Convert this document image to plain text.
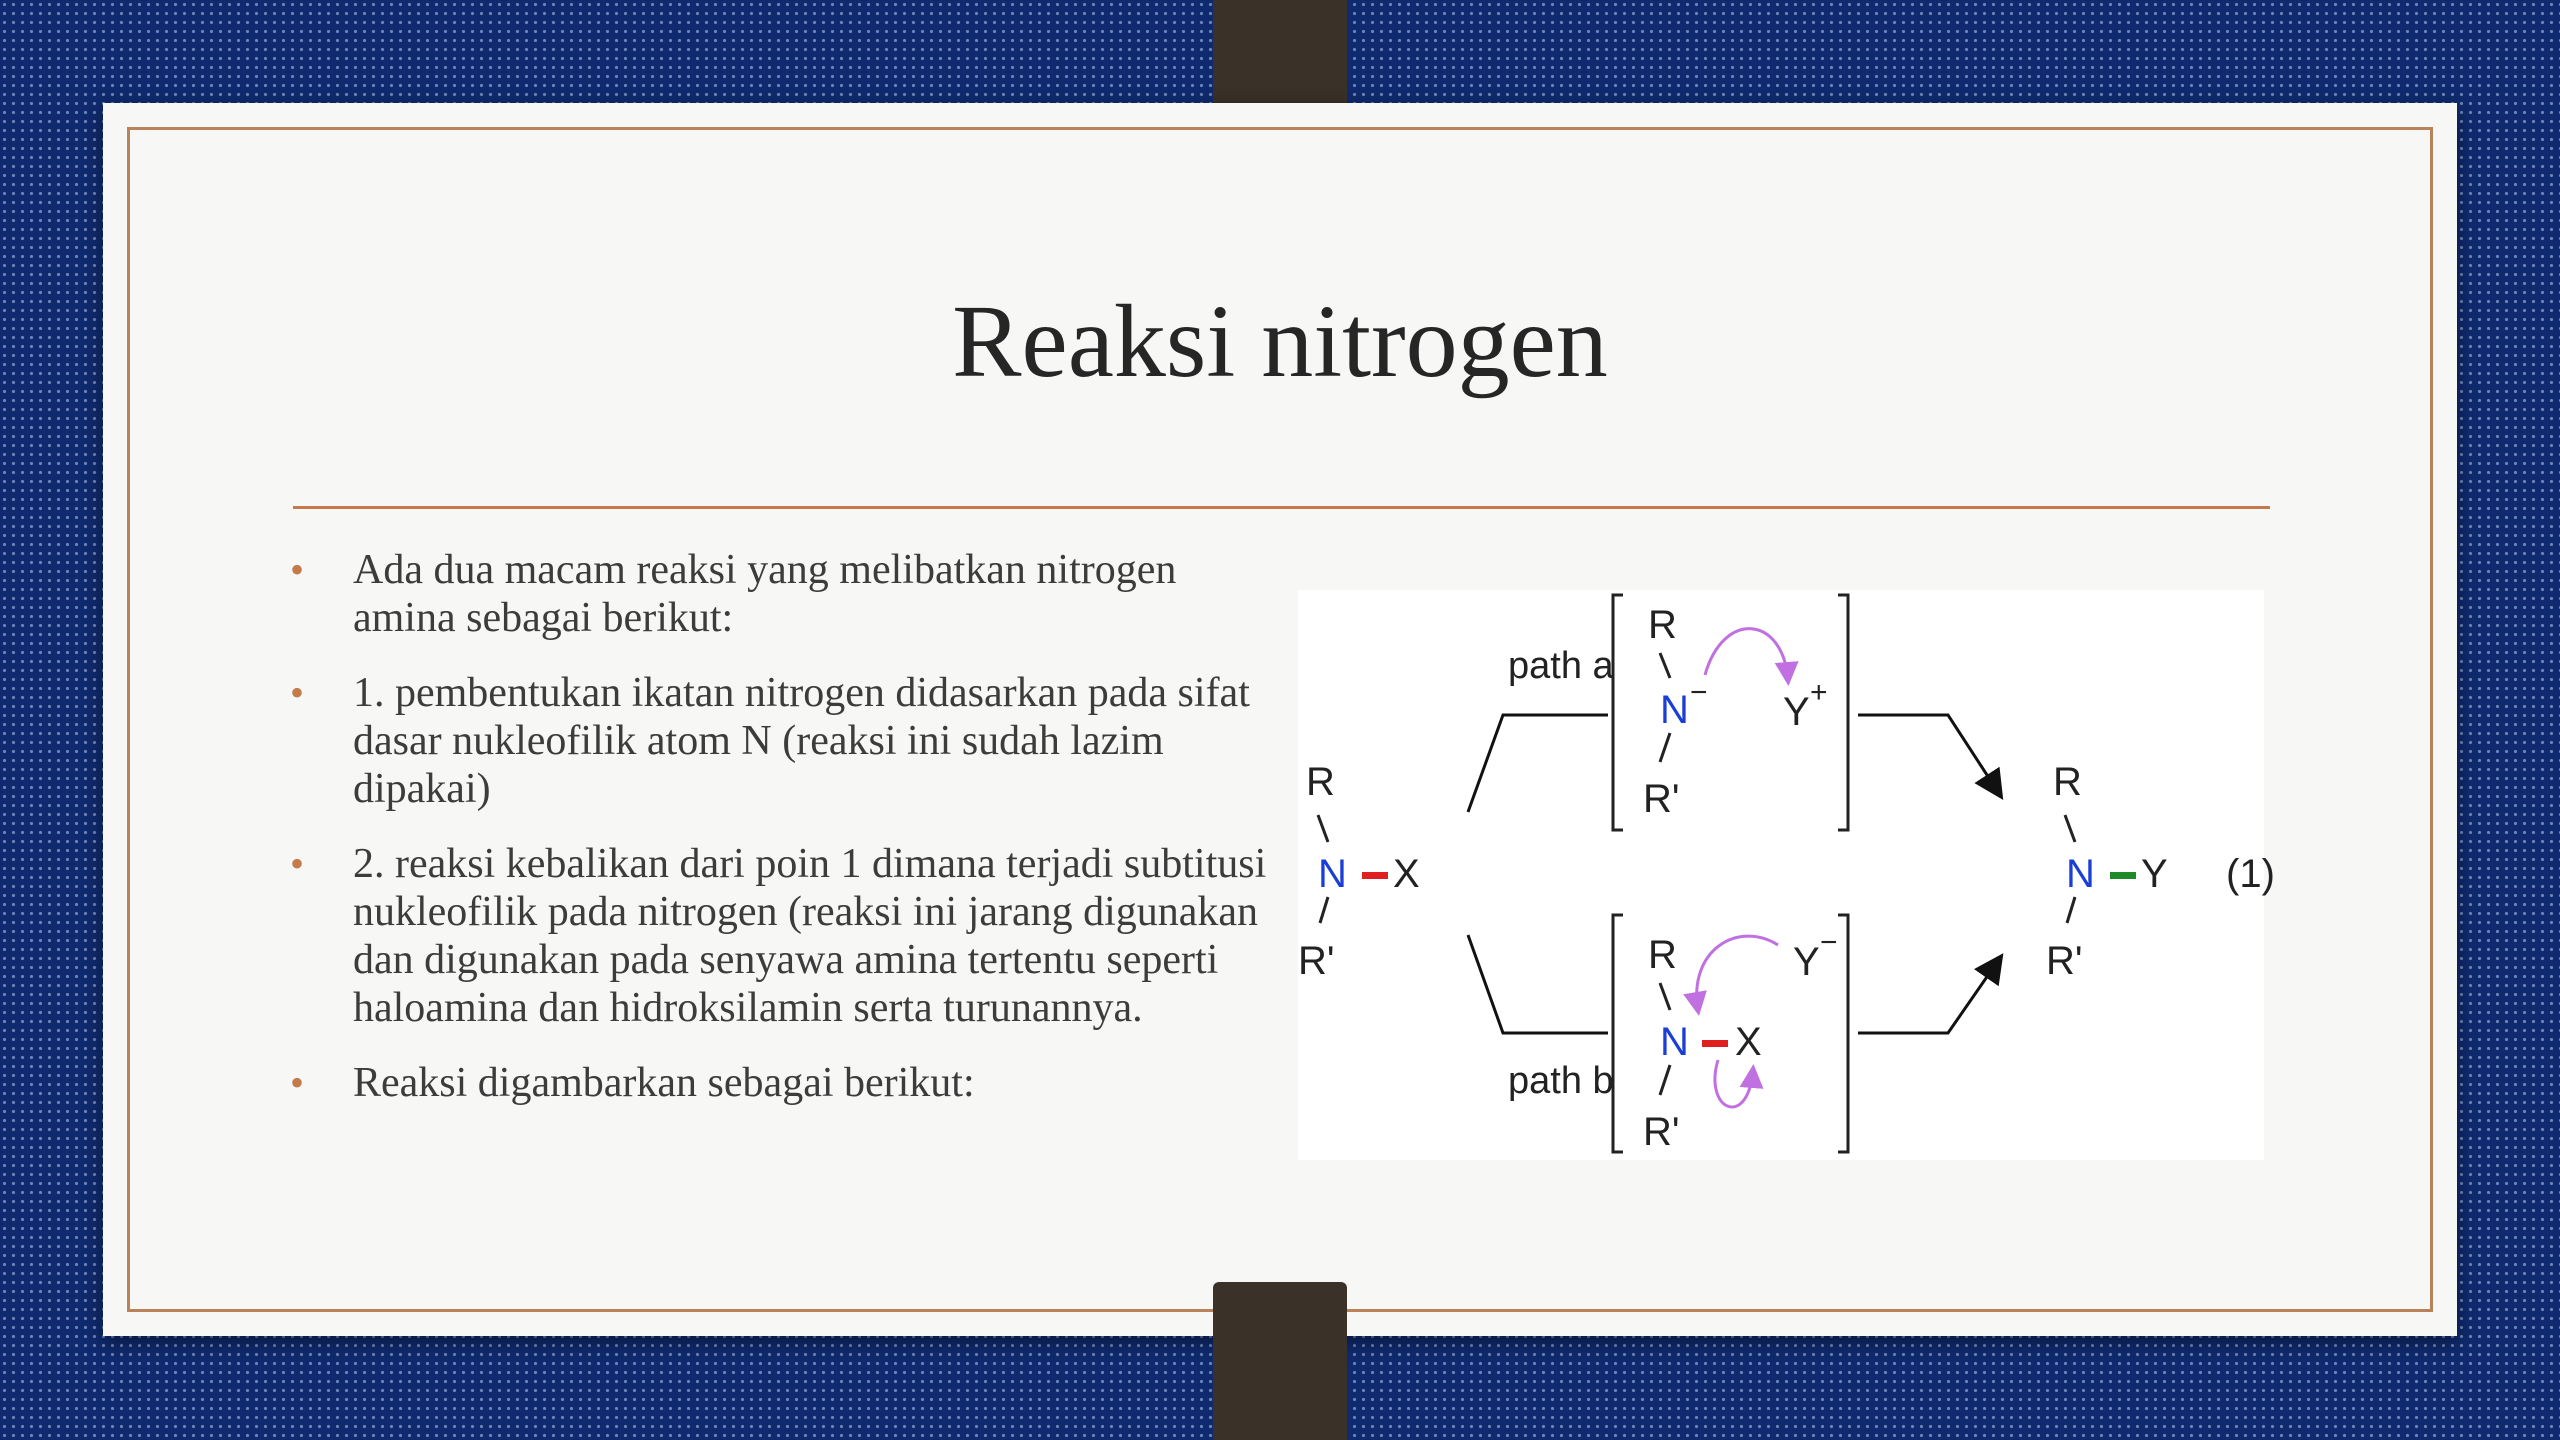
Reaksi nitrogen
• Ada dua macam reaksi yang melibatkan nitrogen amina sebagai berikut:
• 1. pembentukan ikatan nitrogen didasarkan pada sifat dasar nukleofilik atom N (reaksi ini sudah lazim dipakai)
• 2. reaksi kebalikan dari poin 1 dimana terjadi subtitusi nukleofilik pada nitrogen (reaksi ini jarang digunakan dan digunakan pada senyawa amina tertentu seperti haloamina dan hidroksilamin serta turunannya.
• Reaksi digambarkan sebagai berikut:
R
N X
R'
path a
path b
R
N −
R'
Y +
R
N X
R'
Y −
R
N Y
R'
(1)
